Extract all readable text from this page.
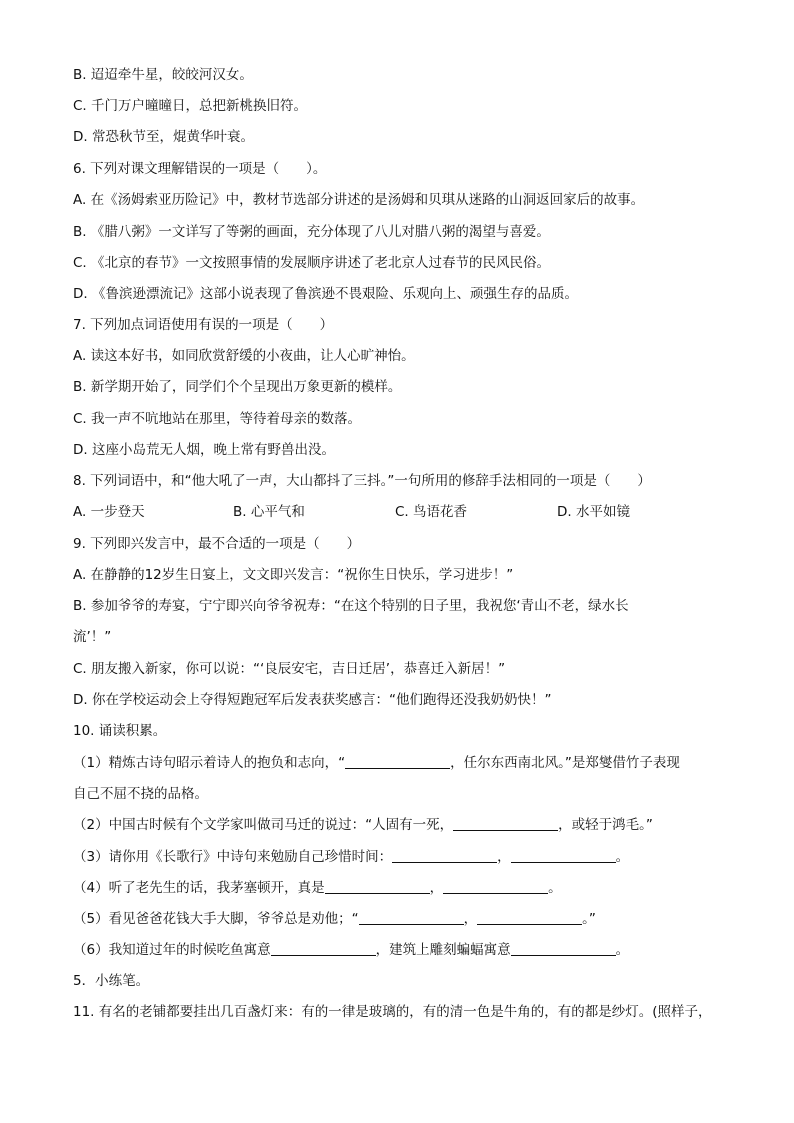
B. 迢迢牵牛星，皎皎河汉女。
C. 千门万户曈曈日，总把新桃换旧符。
D. 常恐秋节至，焜黄华叶衰。
6. 下列对课文理解错误的一项是（　　）。
A. 在《汤姆索亚历险记》中，教材节选部分讲述的是汤姆和贝琪从迷路的山洞返回家后的故事。
B. 《腊八粥》一文详写了等粥的画面，充分体现了八儿对腊八粥的渴望与喜爱。
C. 《北京的春节》一文按照事情的发展顺序讲述了老北京人过春节的民风民俗。
D. 《鲁滨逊漂流记》这部小说表现了鲁滨逊不畏艰险、乐观向上、顽强生存的品质。
7. 下列加点词语使用有误的一项是（　　）
A. 读这本好书，如同欣赏舒缓的小夜曲，让人心旷神怡。
B. 新学期开始了，同学们个个呈现出万象更新的模样。
C. 我一声不吭地站在那里，等待着母亲的数落。
D. 这座小岛荒无人烟，晚上常有野兽出没。
8. 下列词语中，和“他大吼了一声，大山都抖了三抖。”一句所用的修辞手法相同的一项是（　　）
A. 一步登天	B. 心平气和	C. 鸟语花香	D. 水平如镜
9. 下列即兴发言中，最不合适的一项是（　　）
A. 在静静的12岁生日宴上，文文即兴发言：“祝你生日快乐，学习进步！”
B. 参加爷爷的寿宴，宁宁即兴向爷爷祝寿：“在这个特别的日子里，我祝您‘青山不老，绿水长
流’！”
C. 朋友搬入新家，你可以说：“‘良辰安宅，吉日迁居’，恭喜迁入新居！”
D. 你在学校运动会上夺得短跑冠军后发表获奖感言：“他们跑得还没我奶奶快！”
10. 诵读积累。
（1）精炼古诗句昭示着诗人的抱负和志向，“	，任尔东西南北风。”是郑燮借竹子表现
自己不屈不挠的品格。
（2）中国古时候有个文学家叫做司马迁的说过：“人固有一死，	，或轻于鸿毛。”
（3）请你用《长歌行》中诗句来勉励自己珍惜时间：	，	。
（4）听了老先生的话，我茅塞顿开，真是	，	。
（5）看见爸爸花钱大手大脚，爷爷总是劝他；“	，	。”
（6）我知道过年的时候吃鱼寓意	，建筑上雕刻蝙蝠寓意	。
5．小练笔。
11. 有名的老铺都要挂出几百盏灯来：有的一律是玻璃的，有的清一色是牛角的，有的都是纱灯。(照样子，
